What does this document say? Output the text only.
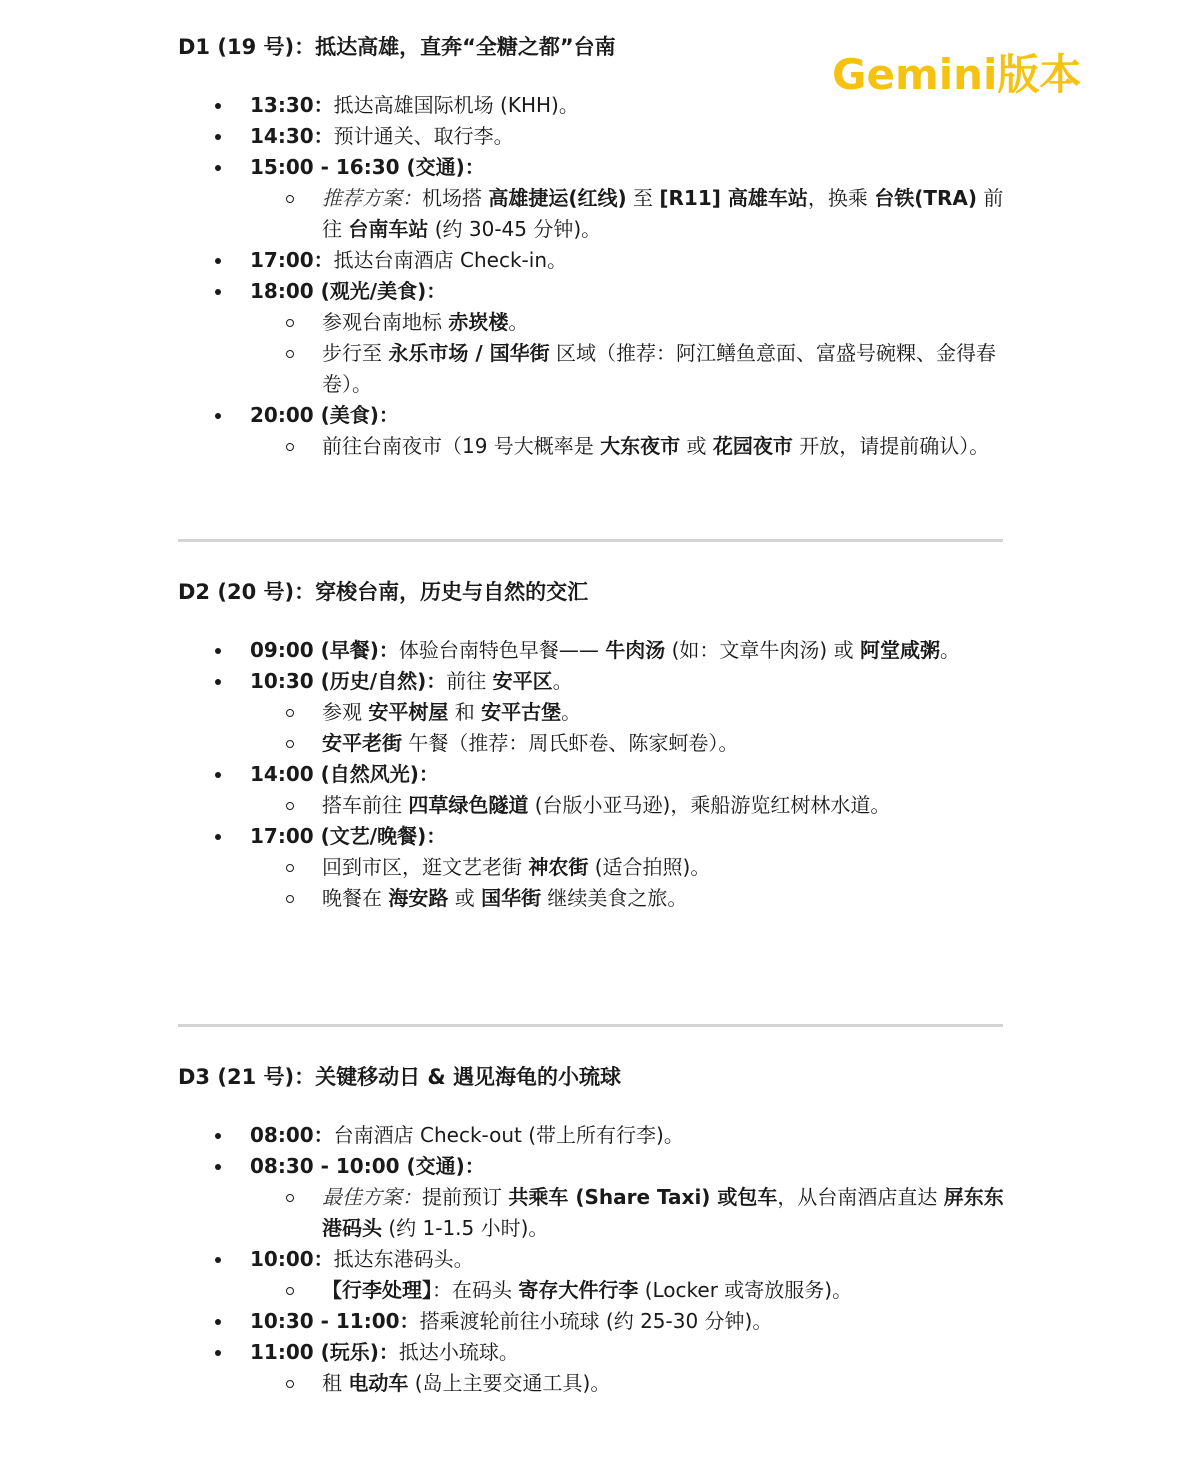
Gemini版本
D1 (19 号)：抵达高雄，直奔“全糖之都”台南
13:30：抵达高雄国际机场 (KHH)。
14:30：预计通关、取行李。
15:00 - 16:30 (交通)：
推荐方案：机场搭 高雄捷运(红线) 至 [R11] 高雄车站，换乘 台铁(TRA) 前往 台南车站 (约 30-45 分钟)。
17:00：抵达台南酒店 Check-in。
18:00 (观光/美食)：
参观台南地标 赤崁楼。
步行至 永乐市场 / 国华街 区域（推荐：阿江鳝鱼意面、富盛号碗粿、金得春卷）。
20:00 (美食)：
前往台南夜市（19 号大概率是 大东夜市 或 花园夜市 开放，请提前确认）。
D2 (20 号)：穿梭台南，历史与自然的交汇
09:00 (早餐)：体验台南特色早餐—— 牛肉汤 (如：文章牛肉汤) 或 阿堂咸粥。
10:30 (历史/自然)：前往 安平区。
参观 安平树屋 和 安平古堡。
安平老街 午餐（推荐：周氏虾卷、陈家蚵卷）。
14:00 (自然风光)：
搭车前往 四草绿色隧道 (台版小亚马逊)，乘船游览红树林水道。
17:00 (文艺/晚餐)：
回到市区，逛文艺老街 神农街 (适合拍照)。
晚餐在 海安路 或 国华街 继续美食之旅。
D3 (21 号)：关键移动日 & 遇见海龟的小琉球
08:00：台南酒店 Check-out (带上所有行李)。
08:30 - 10:00 (交通)：
最佳方案：提前预订 共乘车 (Share Taxi) 或包车，从台南酒店直达 屏东东港码头 (约 1-1.5 小时)。
10:00：抵达东港码头。
【行李处理】：在码头 寄存大件行李 (Locker 或寄放服务)。
10:30 - 11:00：搭乘渡轮前往小琉球 (约 25-30 分钟)。
11:00 (玩乐)：抵达小琉球。
租 电动车 (岛上主要交通工具)。
